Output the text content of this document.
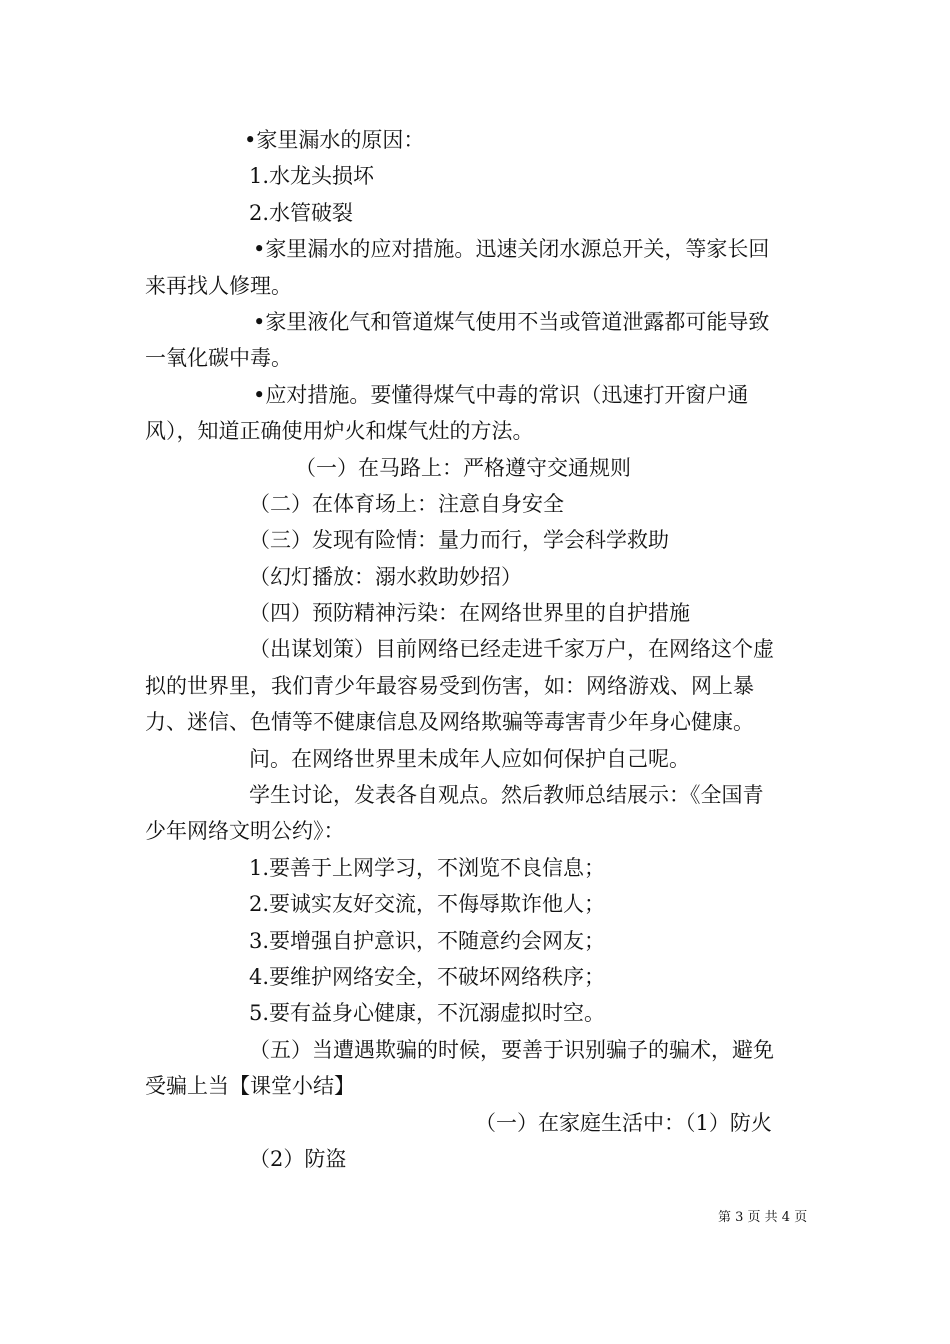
•家里漏水的原因：
1.水龙头损坏
2.水管破裂
•家里漏水的应对措施。迅速关闭水源总开关，等家长回
来再找人修理。
•家里液化气和管道煤气使用不当或管道泄露都可能导致
一氧化碳中毒。
•应对措施。要懂得煤气中毒的常识（迅速打开窗户通
风），知道正确使用炉火和煤气灶的方法。
（一）在马路上：严格遵守交通规则
（二）在体育场上：注意自身安全
（三）发现有险情：量力而行，学会科学救助
（幻灯播放：溺水救助妙招）
（四）预防精神污染：在网络世界里的自护措施
（出谋划策）目前网络已经走进千家万户，在网络这个虚
拟的世界里，我们青少年最容易受到伤害，如：网络游戏、网上暴
力、迷信、色情等不健康信息及网络欺骗等毒害青少年身心健康。
问。在网络世界里未成年人应如何保护自己呢。
学生讨论，发表各自观点。然后教师总结展示：《全国青
少年网络文明公约》：
1.要善于上网学习，不浏览不良信息；
2.要诚实友好交流，不侮辱欺诈他人；
3.要增强自护意识，不随意约会网友；
4.要维护网络安全，不破坏网络秩序；
5.要有益身心健康，不沉溺虚拟时空。
（五）当遭遇欺骗的时候，要善于识别骗子的骗术，避免
受骗上当【课堂小结】
（一）在家庭生活中：（1）防火
（2）防盗
第 3 页 共 4 页
